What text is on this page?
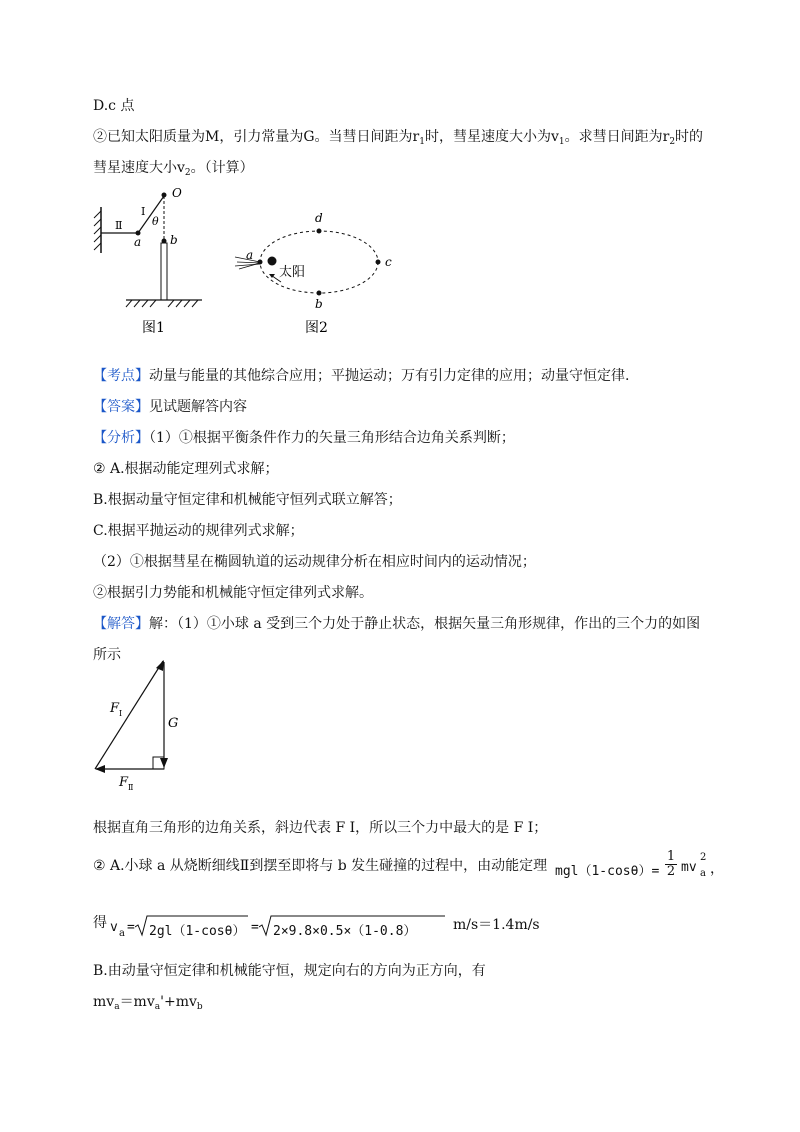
D.c 点
②已知太阳质量为M，引力常量为G。当彗日间距为$r_1$时，彗星速度大小为$v_1$。求彗日间距为$r_2$时的
彗星速度大小$v_2$。（计算）
O
Ⅰ
Ⅱ	θ
a b
图1
d
a
太阳
c
b
图2
【考点】动量与能量的其他综合应用；平抛运动；万有引力定律的应用；动量守恒定律.
【答案】见试题解答内容
【分析】（1）①根据平衡条件作力的矢量三角形结合边角关系判断；
② A.根据动能定理列式求解；
B.根据动量守恒定律和机械能守恒列式联立解答；
C.根据平抛运动的规律列式求解；
（2）①根据彗星在椭圆轨道的运动规律分析在相应时间内的运动情况；
②根据引力势能和机械能守恒定律列式求解。
【解答】解：（1）①小球 a 受到三个力处于静止状态，根据矢量三角形规律，作出的三个力的如图
所示
$F_Ⅰ$
G
$F_Ⅱ$
根据直角三角形的边角关系，斜边代表 F Ⅰ，所以三个力中最大的是 F Ⅰ；
② A.小球 a 从烧断细线Ⅱ到摆至即将与 b 发生碰撞的过程中，由动能定理 mgl（1-cosθ）=
1
2 mv
2
a ，
得 v a = 2gl（1-cosθ） = 2×9.8×0.5×（1-0.8）	m/s＝1.4m/s
B.由动量守恒定律和机械能守恒，规定向右的方向为正方向，有
$mv_a=mv_a'+mv_b$
